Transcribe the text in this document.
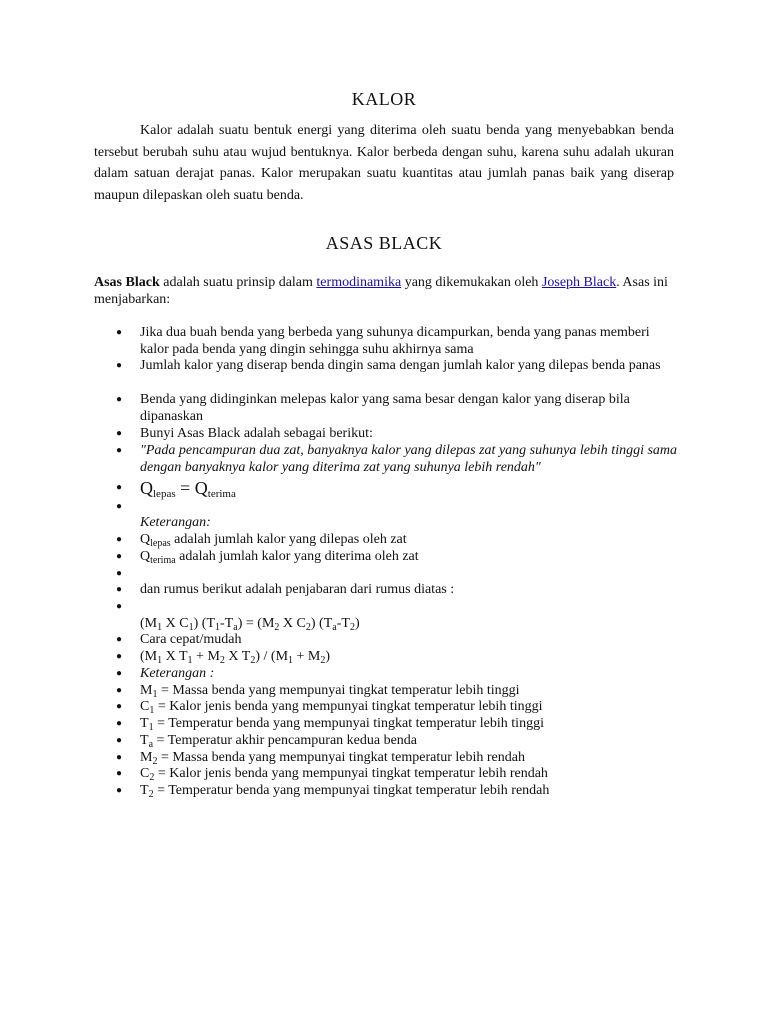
KALOR
Kalor adalah suatu bentuk energi yang diterima oleh suatu benda yang menyebabkan benda tersebut berubah suhu atau wujud bentuknya. Kalor berbeda dengan suhu, karena suhu adalah ukuran dalam satuan derajat panas. Kalor merupakan suatu kuantitas atau jumlah panas baik yang diserap maupun dilepaskan oleh suatu benda.
ASAS BLACK
Asas Black adalah suatu prinsip dalam termodinamika yang dikemukakan oleh Joseph Black. Asas ini menjabarkan:
● Jika dua buah benda yang berbeda yang suhunya dicampurkan, benda yang panas memberi kalor pada benda yang dingin sehingga suhu akhirnya sama
● Jumlah kalor yang diserap benda dingin sama dengan jumlah kalor yang dilepas benda panas
● Benda yang didinginkan melepas kalor yang sama besar dengan kalor yang diserap bila dipanaskan
● Bunyi Asas Black adalah sebagai berikut:
● "Pada pencampuran dua zat, banyaknya kalor yang dilepas zat yang suhunya lebih tinggi sama dengan banyaknya kalor yang diterima zat yang suhunya lebih rendah"
● $Q_{lepas} = Q_{terima}$
●
Keterangan:
● $Q_{lepas}$ adalah jumlah kalor yang dilepas oleh zat
● $Q_{terima}$ adalah jumlah kalor yang diterima oleh zat
●
● dan rumus berikut adalah penjabaran dari rumus diatas :
●
($M_1$ X $C_1$) $(T_1-T_a) = (M_2$ X $C_2$) $(T_a-T_2)$
● Cara cepat/mudah
● ($M_1$ X $T_1 + M_2$ X $T_2) / (M_1 + M_2)$
● Keterangan :
● $M_1$ = Massa benda yang mempunyai tingkat temperatur lebih tinggi
● $C_1$ = Kalor jenis benda yang mempunyai tingkat temperatur lebih tinggi
● $T_1$ = Temperatur benda yang mempunyai tingkat temperatur lebih tinggi
● $T_a$ = Temperatur akhir pencampuran kedua benda
● $M_2$ = Massa benda yang mempunyai tingkat temperatur lebih rendah
● $C_2$ = Kalor jenis benda yang mempunyai tingkat temperatur lebih rendah
● $T_2$ = Temperatur benda yang mempunyai tingkat temperatur lebih rendah
